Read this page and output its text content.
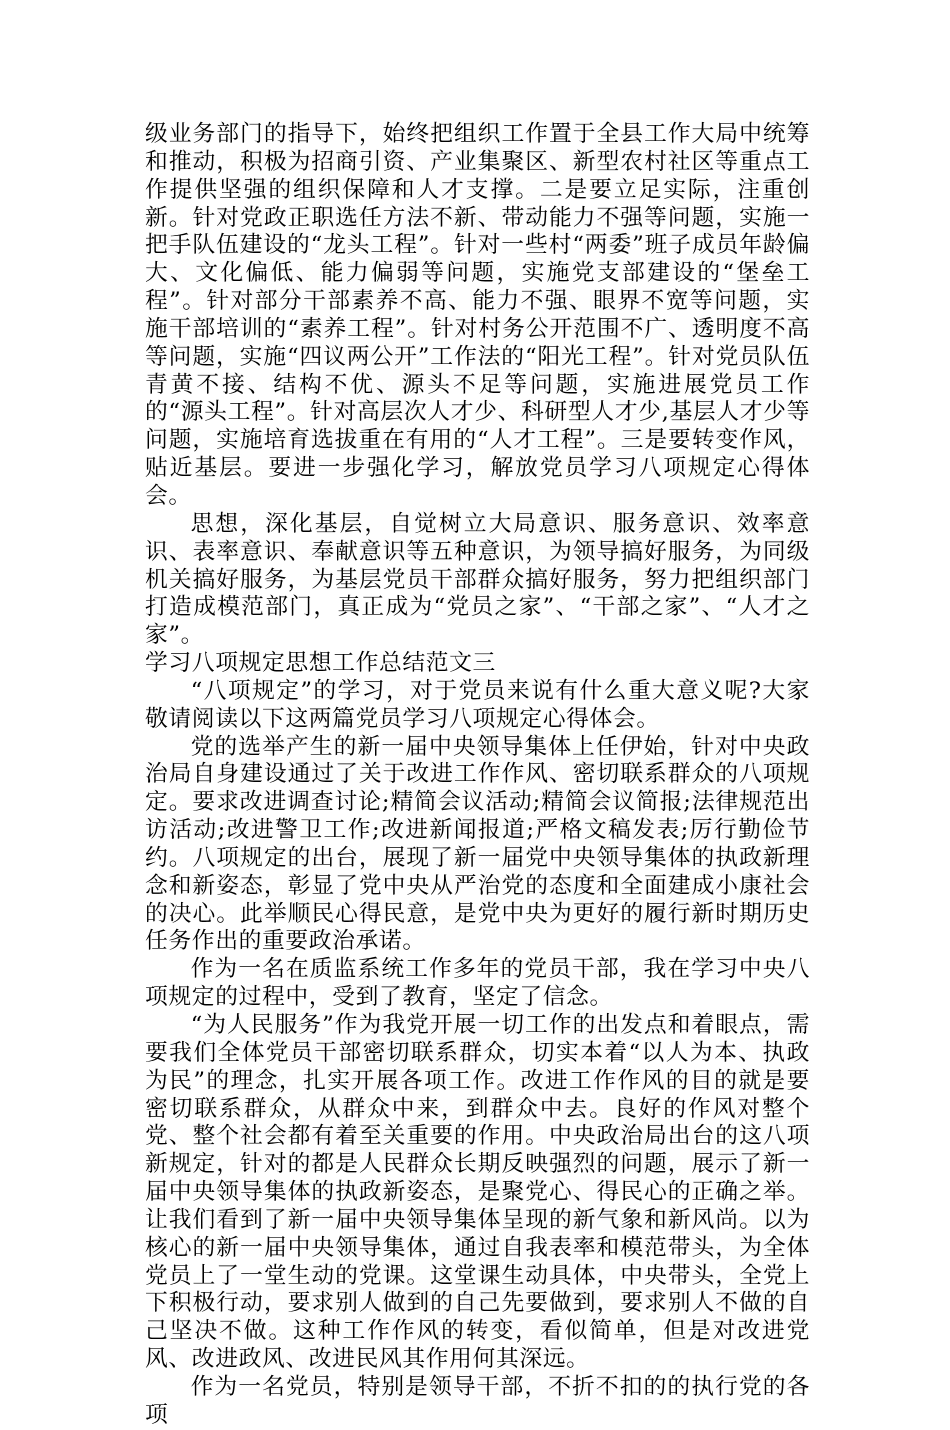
级业务部门的指导下，始终把组织工作置于全县工作大局中统筹和推动，积极为招商引资、产业集聚区、新型农村社区等重点工作提供坚强的组织保障和人才支撑。二是要立足实际，注重创新。针对党政正职选任方法不新、带动能力不强等问题，实施一把手队伍建设的“龙头工程”。针对一些村“两委”班子成员年龄偏大、文化偏低、能力偏弱等问题，实施党支部建设的“堡垒工程”。针对部分干部素养不高、能力不强、眼界不宽等问题，实施干部培训的“素养工程”。针对村务公开范围不广、透明度不高等问题，实施“四议两公开”工作法的“阳光工程”。针对党员队伍青黄不接、结构不优、源头不足等问题，实施进展党员工作的“源头工程”。针对高层次人才少、科研型人才少,基层人才少等问题，实施培育选拔重在有用的“人才工程”。三是要转变作风，贴近基层。要进一步强化学习，解放党员学习八项规定心得体会。

思想，深化基层，自觉树立大局意识、服务意识、效率意识、表率意识、奉献意识等五种意识，为领导搞好服务，为同级机关搞好服务，为基层党员干部群众搞好服务，努力把组织部门打造成模范部门，真正成为“党员之家”、“干部之家”、“人才之家”。

学习八项规定思想工作总结范文三

“八项规定”的学习，对于党员来说有什么重大意义呢?大家敬请阅读以下这两篇党员学习八项规定心得体会。

党的选举产生的新一届中央领导集体上任伊始，针对中央政治局自身建设通过了关于改进工作作风、密切联系群众的八项规定。要求改进调查讨论;精简会议活动;精简会议简报;法律规范出访活动;改进警卫工作;改进新闻报道;严格文稿发表;厉行勤俭节约。八项规定的出台，展现了新一届党中央领导集体的执政新理念和新姿态，彰显了党中央从严治党的态度和全面建成小康社会的决心。此举顺民心得民意，是党中央为更好的履行新时期历史任务作出的重要政治承诺。

作为一名在质监系统工作多年的党员干部，我在学习中央八项规定的过程中，受到了教育，坚定了信念。

“为人民服务”作为我党开展一切工作的出发点和着眼点，需要我们全体党员干部密切联系群众，切实本着“以人为本、执政为民”的理念，扎实开展各项工作。改进工作作风的目的就是要密切联系群众，从群众中来，到群众中去。良好的作风对整个党、整个社会都有着至关重要的作用。中央政治局出台的这八项新规定，针对的都是人民群众长期反映强烈的问题，展示了新一届中央领导集体的执政新姿态，是聚党心、得民心的正确之举。让我们看到了新一届中央领导集体呈现的新气象和新风尚。以为核心的新一届中央领导集体，通过自我表率和模范带头，为全体党员上了一堂生动的党课。这堂课生动具体，中央带头，全党上下积极行动，要求别人做到的自己先要做到，要求别人不做的自己坚决不做。这种工作作风的转变，看似简单，但是对改进党风、改进政风、改进民风其作用何其深远。

作为一名党员，特别是领导干部，不折不扣的的执行党的各项
